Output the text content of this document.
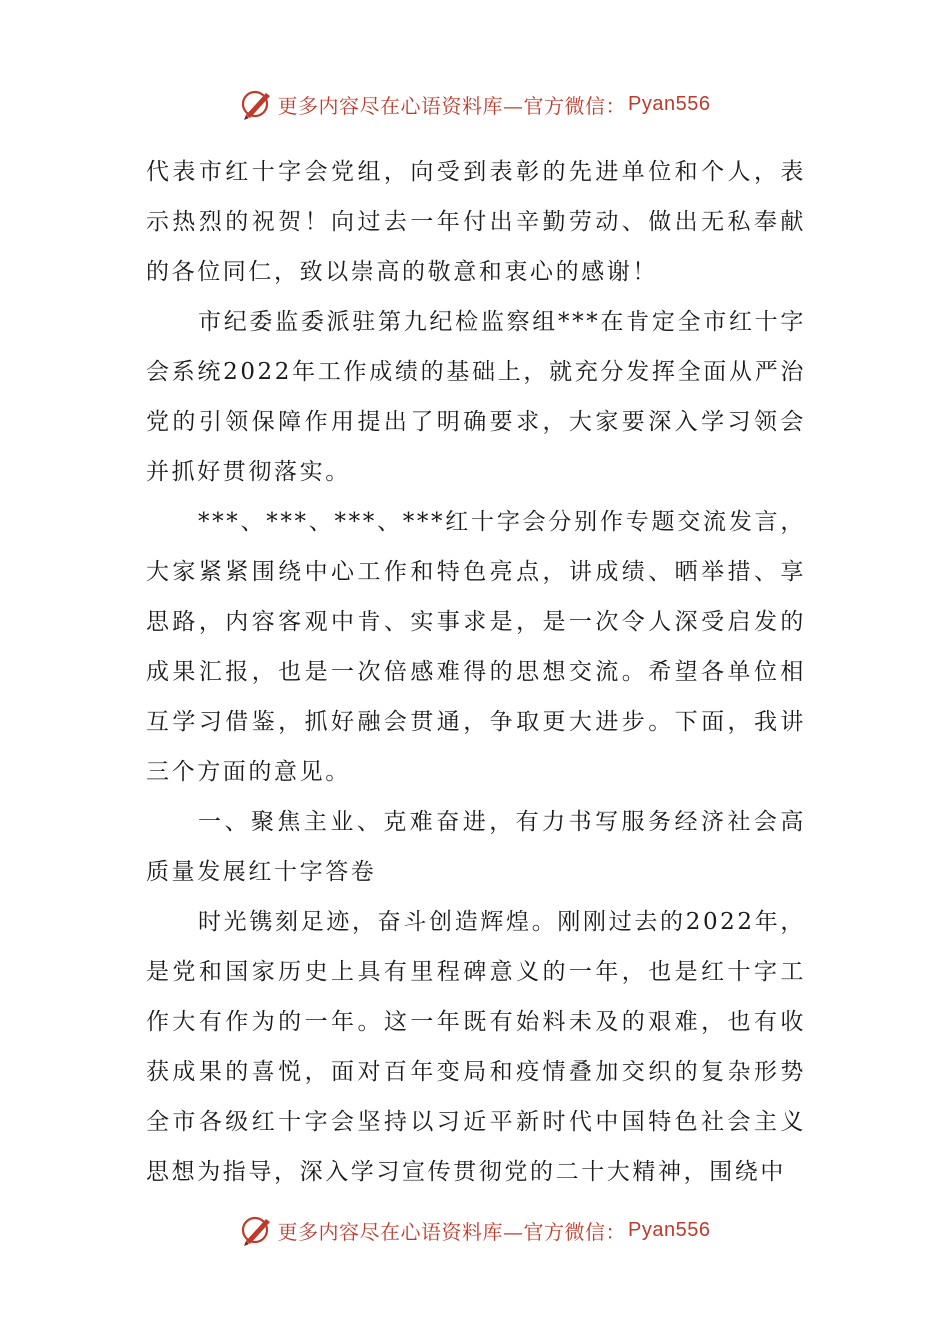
更多内容尽在心语资料库—官方微信： Pyan556

代表市红十字会党组，向受到表彰的先进单位和个人，表示热烈的祝贺！向过去一年付出辛勤劳动、做出无私奉献的各位同仁，致以崇高的敬意和衷心的感谢！

市纪委监委派驻第九纪检监察组***在肯定全市红十字会系统2022年工作成绩的基础上，就充分发挥全面从严治党的引领保障作用提出了明确要求，大家要深入学习领会并抓好贯彻落实。

***、***、***、***红十字会分别作专题交流发言，大家紧紧围绕中心工作和特色亮点，讲成绩、晒举措、享思路，内容客观中肯、实事求是，是一次令人深受启发的成果汇报，也是一次倍感难得的思想交流。希望各单位相互学习借鉴，抓好融会贯通，争取更大进步。下面，我讲三个方面的意见。

一、聚焦主业、克难奋进，有力书写服务经济社会高质量发展红十字答卷

时光镌刻足迹，奋斗创造辉煌。刚刚过去的2022年，是党和国家历史上具有里程碑意义的一年，也是红十字工作大有作为的一年。这一年既有始料未及的艰难，也有收获成果的喜悦，面对百年变局和疫情叠加交织的复杂形势全市各级红十字会坚持以习近平新时代中国特色社会主义思想为指导，深入学习宣传贯彻党的二十大精神，围绕中

更多内容尽在心语资料库—官方微信： Pyan556
